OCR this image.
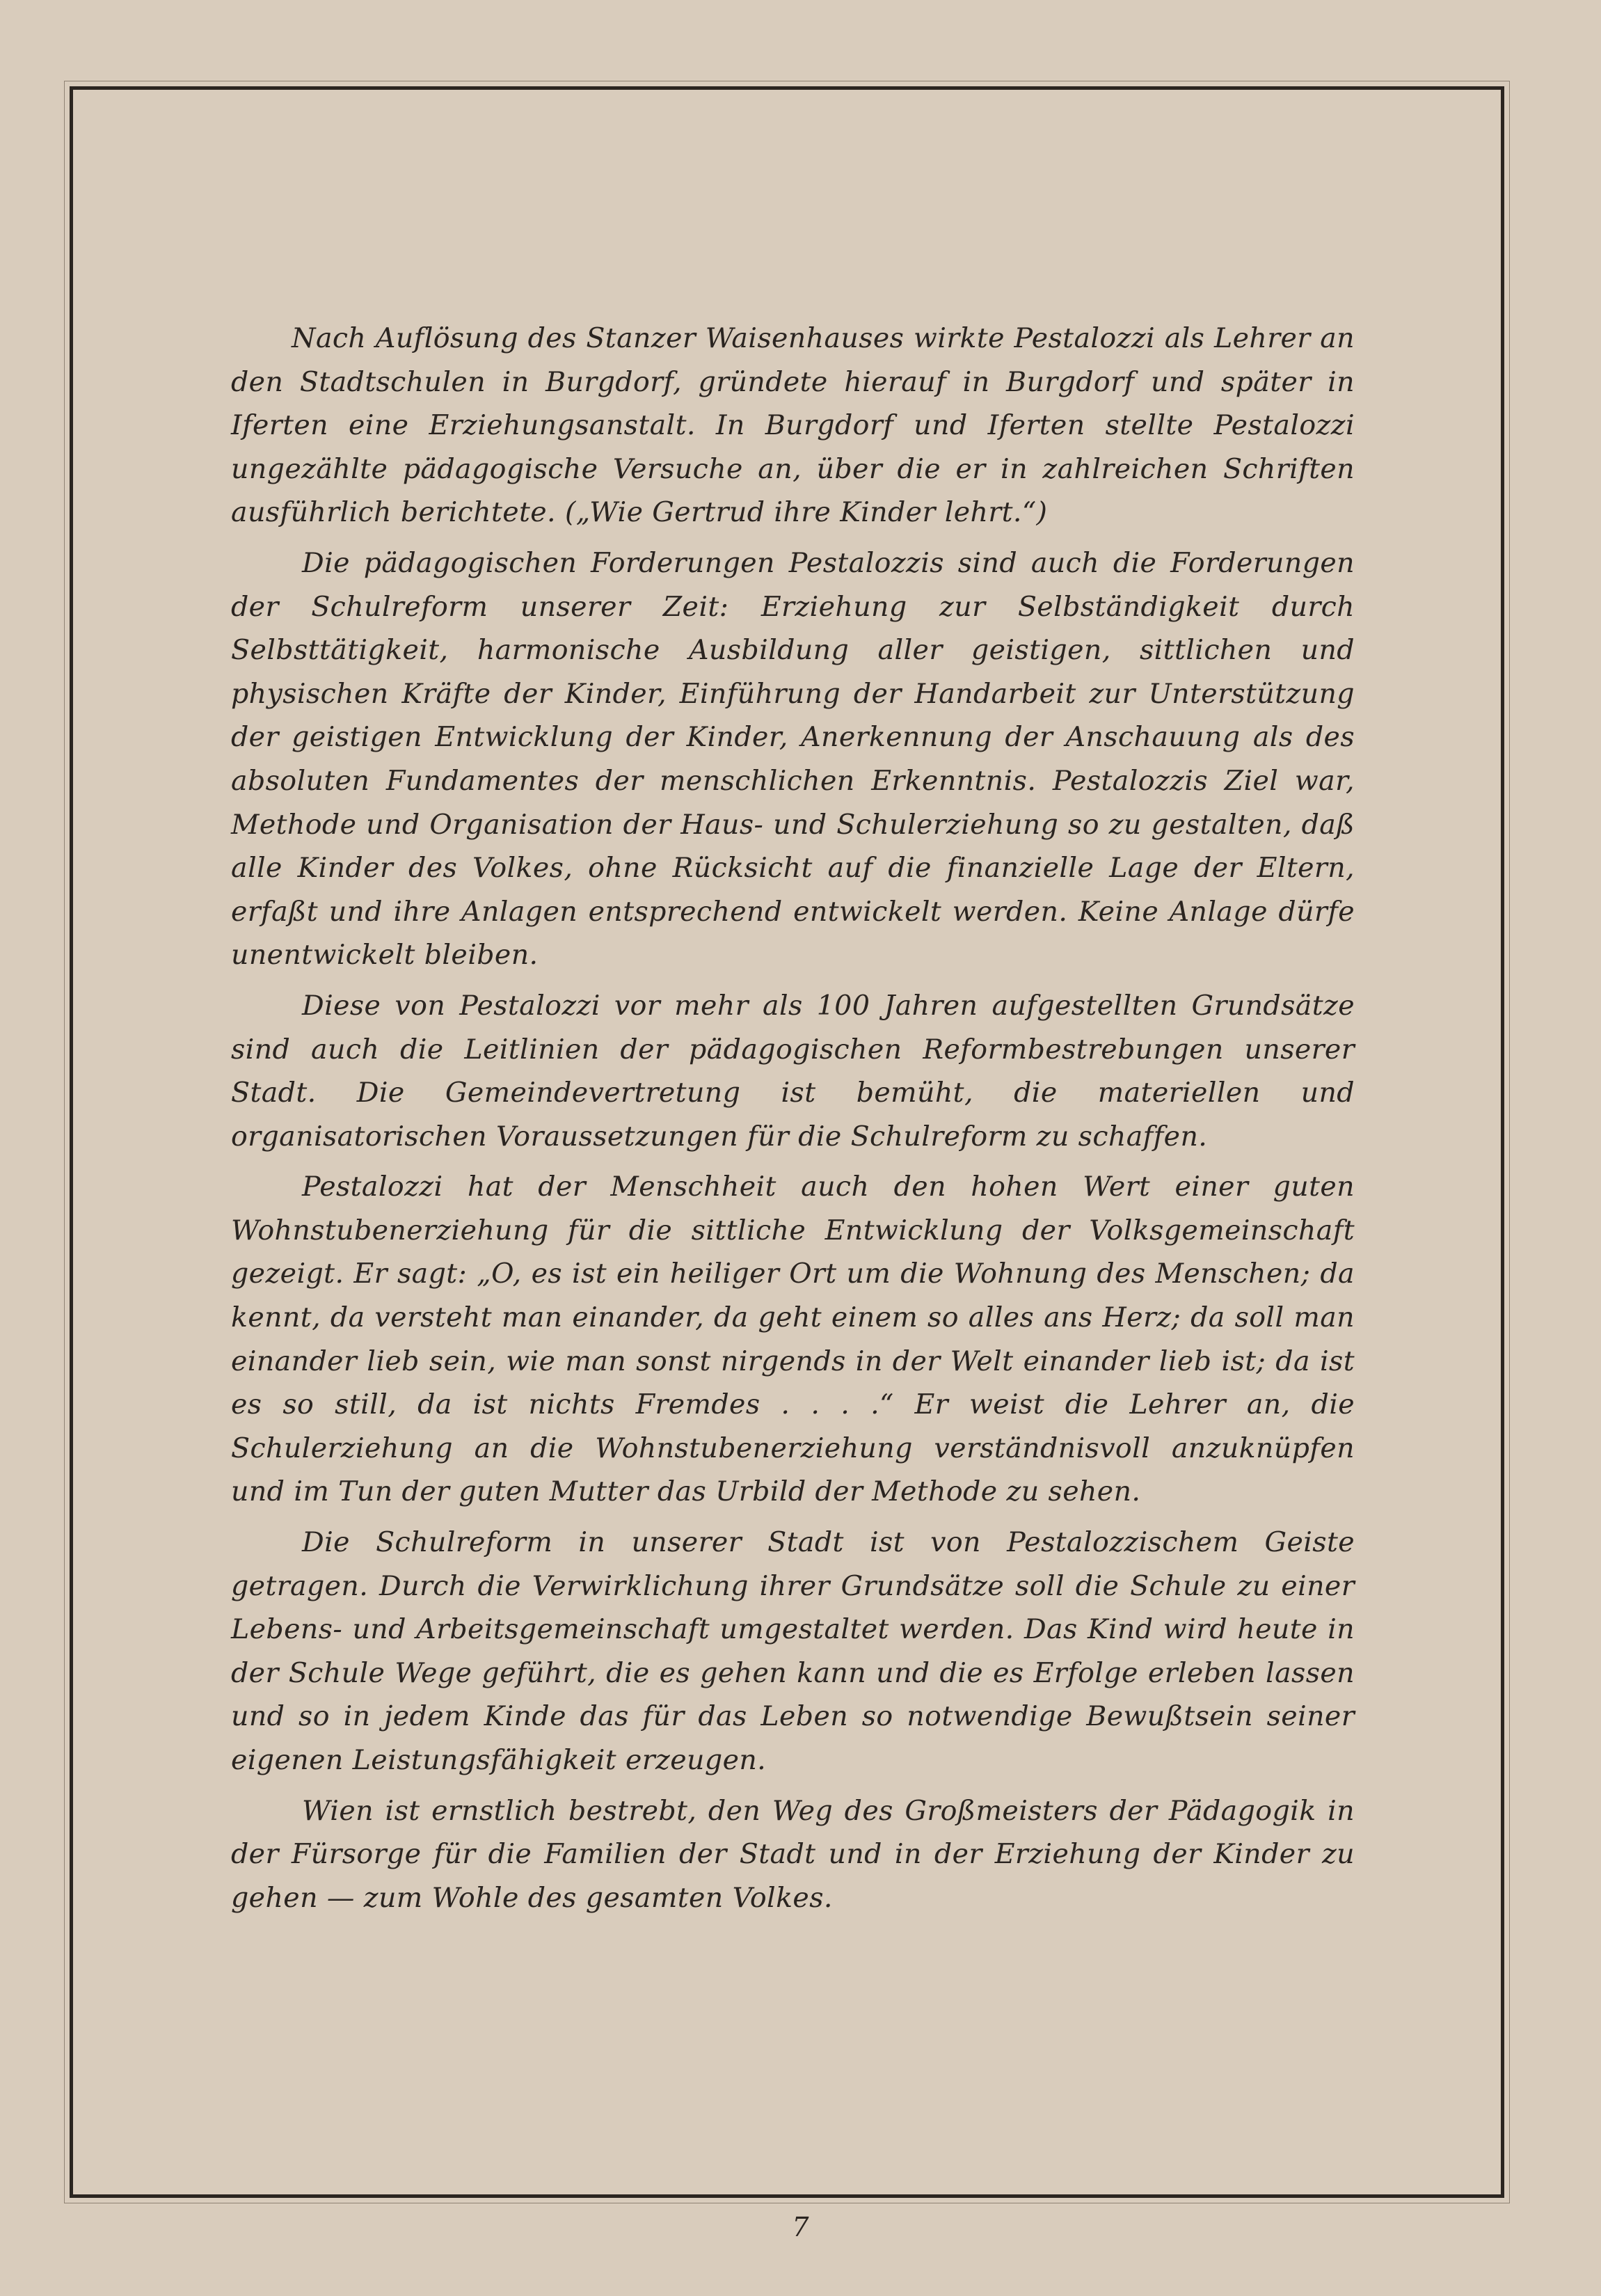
Nach Auflösung des Stanzer Waisenhauses wirkte Pestalozzi als Lehrer an den Stadtschulen in Burgdorf, gründete hierauf in Burgdorf und später in Iferten eine Erziehungsanstalt. In Burgdorf und Iferten stellte Pestalozzi ungezählte pädagogische Versuche an, über die er in zahlreichen Schriften ausführlich berichtete. („Wie Gertrud ihre Kinder lehrt.“)

Die pädagogischen Forderungen Pestalozzis sind auch die Forderungen der Schulreform unserer Zeit: Erziehung zur Selbständigkeit durch Selbsttätigkeit, harmonische Ausbildung aller geistigen, sittlichen und physischen Kräfte der Kinder, Einführung der Handarbeit zur Unterstützung der geistigen Entwicklung der Kinder, Anerkennung der Anschauung als des absoluten Fundamentes der menschlichen Erkenntnis. Pestalozzis Ziel war, Methode und Organisation der Haus- und Schulerziehung so zu gestalten, daß alle Kinder des Volkes, ohne Rücksicht auf die finanzielle Lage der Eltern, erfaßt und ihre Anlagen entsprechend entwickelt werden. Keine Anlage dürfe unentwickelt bleiben.

Diese von Pestalozzi vor mehr als 100 Jahren aufgestellten Grundsätze sind auch die Leitlinien der pädagogischen Reformbestrebungen unserer Stadt. Die Gemeindevertretung ist bemüht, die materiellen und organisatorischen Voraussetzungen für die Schulreform zu schaffen.

Pestalozzi hat der Menschheit auch den hohen Wert einer guten Wohnstubenerziehung für die sittliche Entwicklung der Volksgemeinschaft gezeigt. Er sagt: „O, es ist ein heiliger Ort um die Wohnung des Menschen; da kennt, da versteht man einander, da geht einem so alles ans Herz; da soll man einander lieb sein, wie man sonst nirgends in der Welt einander lieb ist; da ist es so still, da ist nichts Fremdes . . . .“ Er weist die Lehrer an, die Schulerziehung an die Wohnstubenerziehung verständnisvoll anzuknüpfen und im Tun der guten Mutter das Urbild der Methode zu sehen.

Die Schulreform in unserer Stadt ist von Pestalozzischem Geiste getragen. Durch die Verwirklichung ihrer Grundsätze soll die Schule zu einer Lebens- und Arbeitsgemeinschaft umgestaltet werden. Das Kind wird heute in der Schule Wege geführt, die es gehen kann und die es Erfolge erleben lassen und so in jedem Kinde das für das Leben so notwendige Bewußtsein seiner eigenen Leistungsfähigkeit erzeugen.

Wien ist ernstlich bestrebt, den Weg des Großmeisters der Pädagogik in der Fürsorge für die Familien der Stadt und in der Erziehung der Kinder zu gehen — zum Wohle des gesamten Volkes.

7
